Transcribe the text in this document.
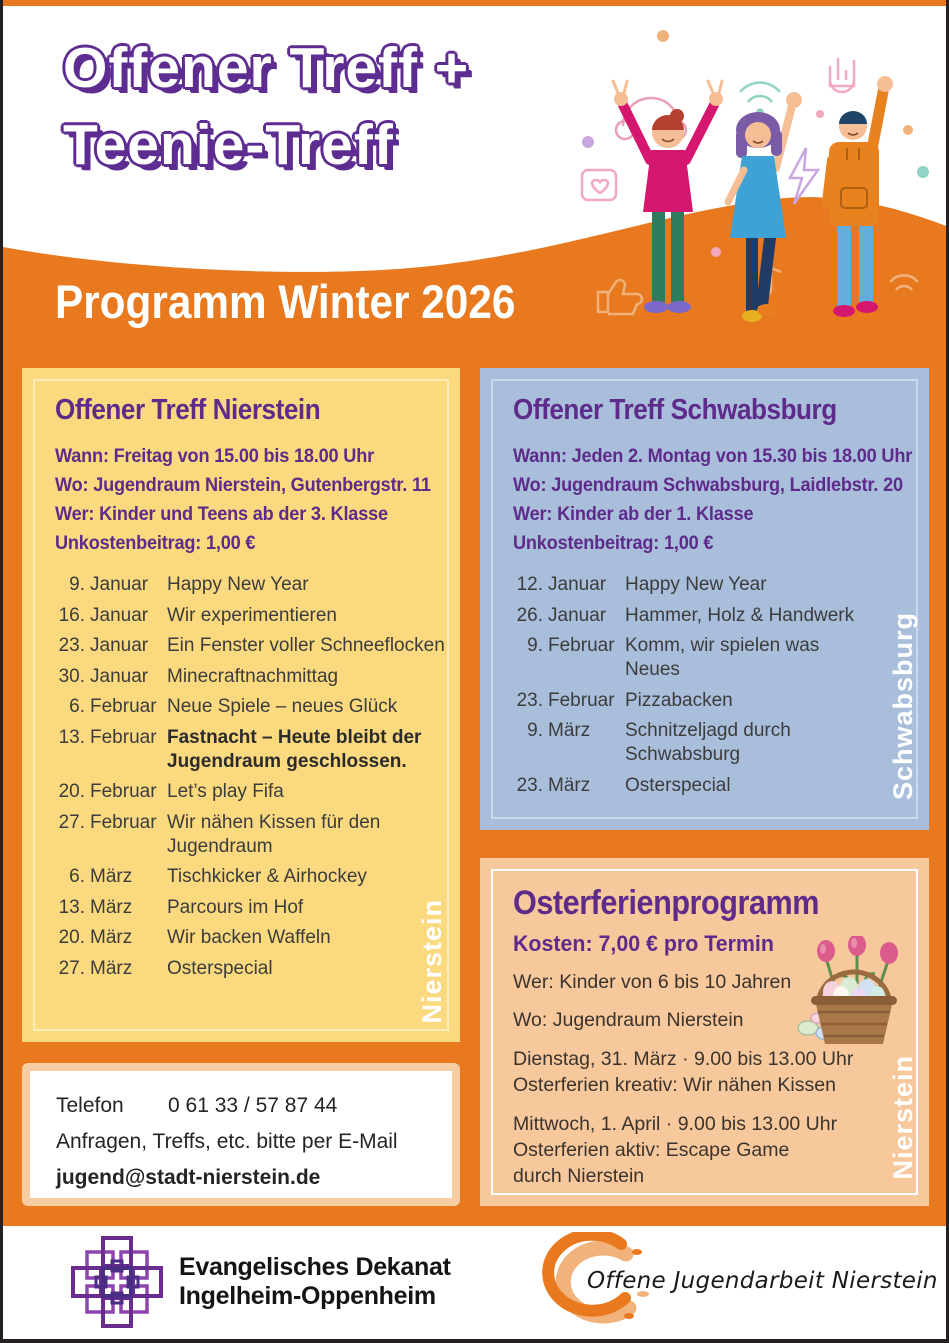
Offener Treff +
Teenie-Treff
Programm Winter 2026
Offener Treff Nierstein
Wann: Freitag von 15.00 bis 18.00 Uhr
Wo: Jugendraum Nierstein, Gutenbergstr. 11
Wer: Kinder und Teens ab der 3. Klasse
Unkostenbeitrag: 1,00 €
9. Januar Happy New Year
16. Januar Wir experimentieren
23. Januar Ein Fenster voller Schneeflocken
30. Januar Minecraftnachmittag
6. Februar Neue Spiele – neues Glück
13. Februar Fastnacht – Heute bleibt der Jugendraum geschlossen.
20. Februar Let’s play Fifa
27. Februar Wir nähen Kissen für den Jugendraum
6. März	Tischkicker & Airhockey
13. März	Parcours im Hof
20. März	Wir backen Waffeln
27. März	Osterspecial	Nierstein
Offener Treff Schwabsburg
Wann: Jeden 2. Montag von 15.30 bis 18.00 Uhr
Wo: Jugendraum Schwabsburg, Laidlebstr. 20
Wer: Kinder ab der 1. Klasse
Unkostenbeitrag: 1,00 €
12. Januar Happy New Year
26. Januar Hammer, Holz & Handwerk
9. Februar Komm, wir spielen was Neues
23. Februar Pizzabacken
9. März	Schnitzeljagd durch Schwabsburg
23. März	Osterspecial	Schwabsburg
Osterferienprogramm
Kosten: 7,00 € pro Termin
Wer: Kinder von 6 bis 10 Jahren
Wo: Jugendraum Nierstein
Dienstag, 31. März · 9.00 bis 13.00 Uhr
Osterferien kreativ: Wir nähen Kissen
Mittwoch, 1. April · 9.00 bis 13.00 Uhr
Osterferien aktiv: Escape Game
durch Nierstein	Nierstein
Telefon	0 61 33 / 57 87 44
Anfragen, Treffs, etc. bitte per E-Mail
jugend@stadt-nierstein.de
Evangelisches Dekanat
Ingelheim-Oppenheim
Offene Jugendarbeit Nierstein
